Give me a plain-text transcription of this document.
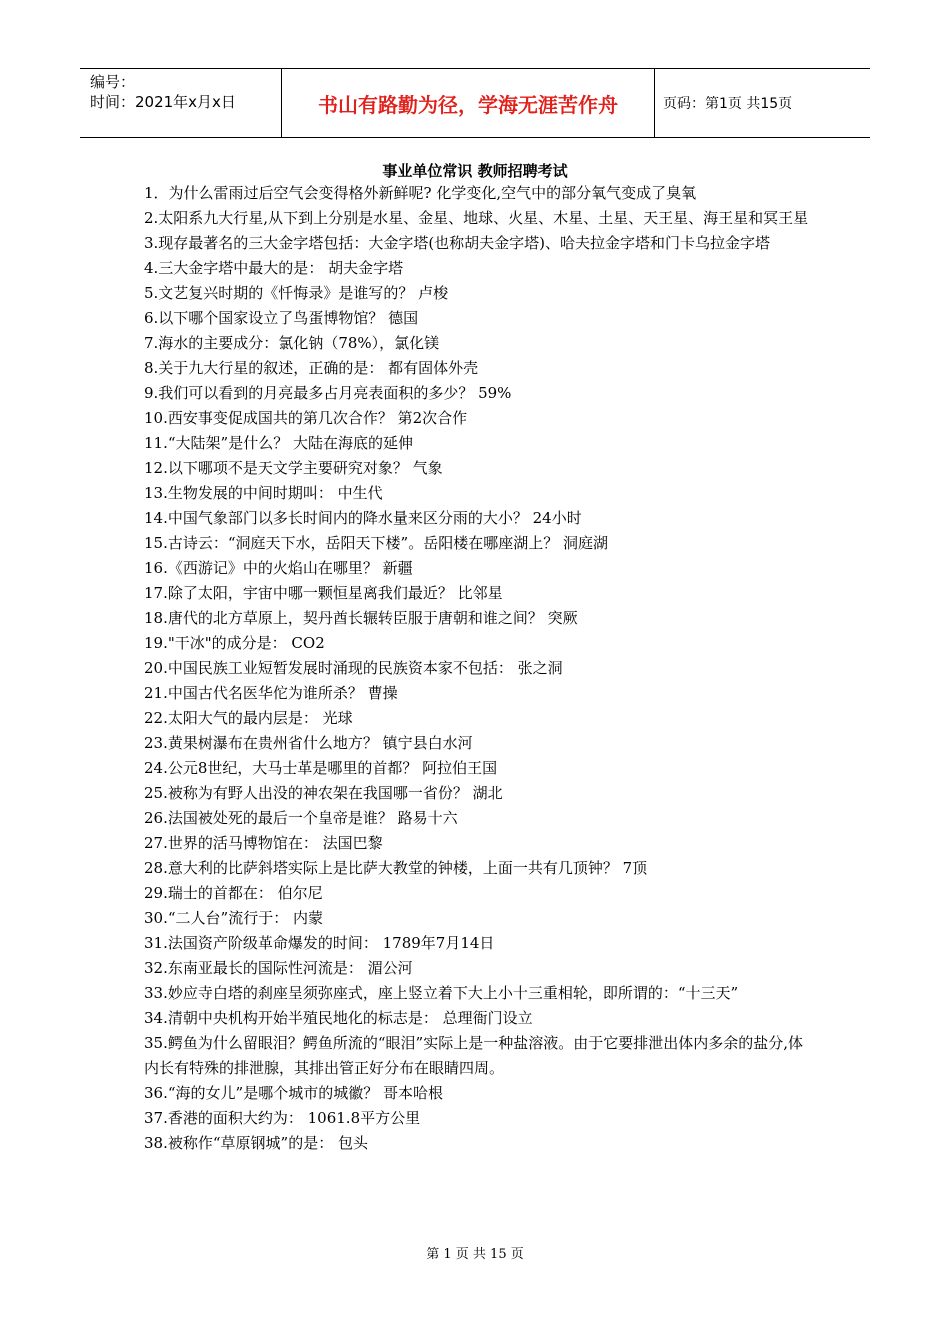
编号：
时间：2021年x月x日	书山有路勤为径，学海无涯苦作舟	页码：第1页 共15页
事业单位常识 教师招聘考试

1．为什么雷雨过后空气会变得格外新鲜呢? 化学变化,空气中的部分氧气变成了臭氧

2.太阳系九大行星,从下到上分别是水星、金星、地球、火星、木星、土星、天王星、海王星和冥王星

3.现存最著名的三大金字塔包括：大金字塔(也称胡夫金字塔)、哈夫拉金字塔和门卡乌拉金字塔

4.三大金字塔中最大的是： 胡夫金字塔

5.文艺复兴时期的《忏悔录》是谁写的？ 卢梭

6.以下哪个国家设立了鸟蛋博物馆？ 德国

7.海水的主要成分：氯化钠（78%），氯化镁

8.关于九大行星的叙述，正确的是： 都有固体外壳

9.我们可以看到的月亮最多占月亮表面积的多少？ 59%

10.西安事变促成国共的第几次合作？ 第2次合作

11.“大陆架”是什么？ 大陆在海底的延伸

12.以下哪项不是天文学主要研究对象？ 气象

13.生物发展的中间时期叫： 中生代

14.中国气象部门以多长时间内的降水量来区分雨的大小？ 24小时

15.古诗云：“洞庭天下水，岳阳天下楼”。岳阳楼在哪座湖上？ 洞庭湖

16.《西游记》中的火焰山在哪里？ 新疆

17.除了太阳，宇宙中哪一颗恒星离我们最近？ 比邻星

18.唐代的北方草原上，契丹酋长辗转臣服于唐朝和谁之间？ 突厥

19."干冰"的成分是： CO2

20.中国民族工业短暂发展时涌现的民族资本家不包括： 张之洞

21.中国古代名医华佗为谁所杀？ 曹操

22.太阳大气的最内层是： 光球

23.黄果树瀑布在贵州省什么地方？ 镇宁县白水河

24.公元8世纪，大马士革是哪里的首都？ 阿拉伯王国

25.被称为有野人出没的神农架在我国哪一省份？ 湖北

26.法国被处死的最后一个皇帝是谁？ 路易十六

27.世界的活马博物馆在： 法国巴黎

28.意大利的比萨斜塔实际上是比萨大教堂的钟楼，上面一共有几顶钟？ 7顶

29.瑞士的首都在： 伯尔尼

30.“二人台”流行于： 内蒙

31.法国资产阶级革命爆发的时间： 1789年7月14日

32.东南亚最长的国际性河流是： 湄公河

33.妙应寺白塔的刹座呈须弥座式，座上竖立着下大上小十三重相轮，即所谓的：“十三天”

34.清朝中央机构开始半殖民地化的标志是： 总理衙门设立

35.鳄鱼为什么留眼泪？鳄鱼所流的“眼泪”实际上是一种盐溶液。由于它要排泄出体内多余的盐分,体内长有特殊的排泄腺，其排出管正好分布在眼睛四周。

36.“海的女儿”是哪个城市的城徽？ 哥本哈根

37.香港的面积大约为： 1061.8平方公里

38.被称作“草原钢城”的是： 包头

第 1 页 共 15 页
